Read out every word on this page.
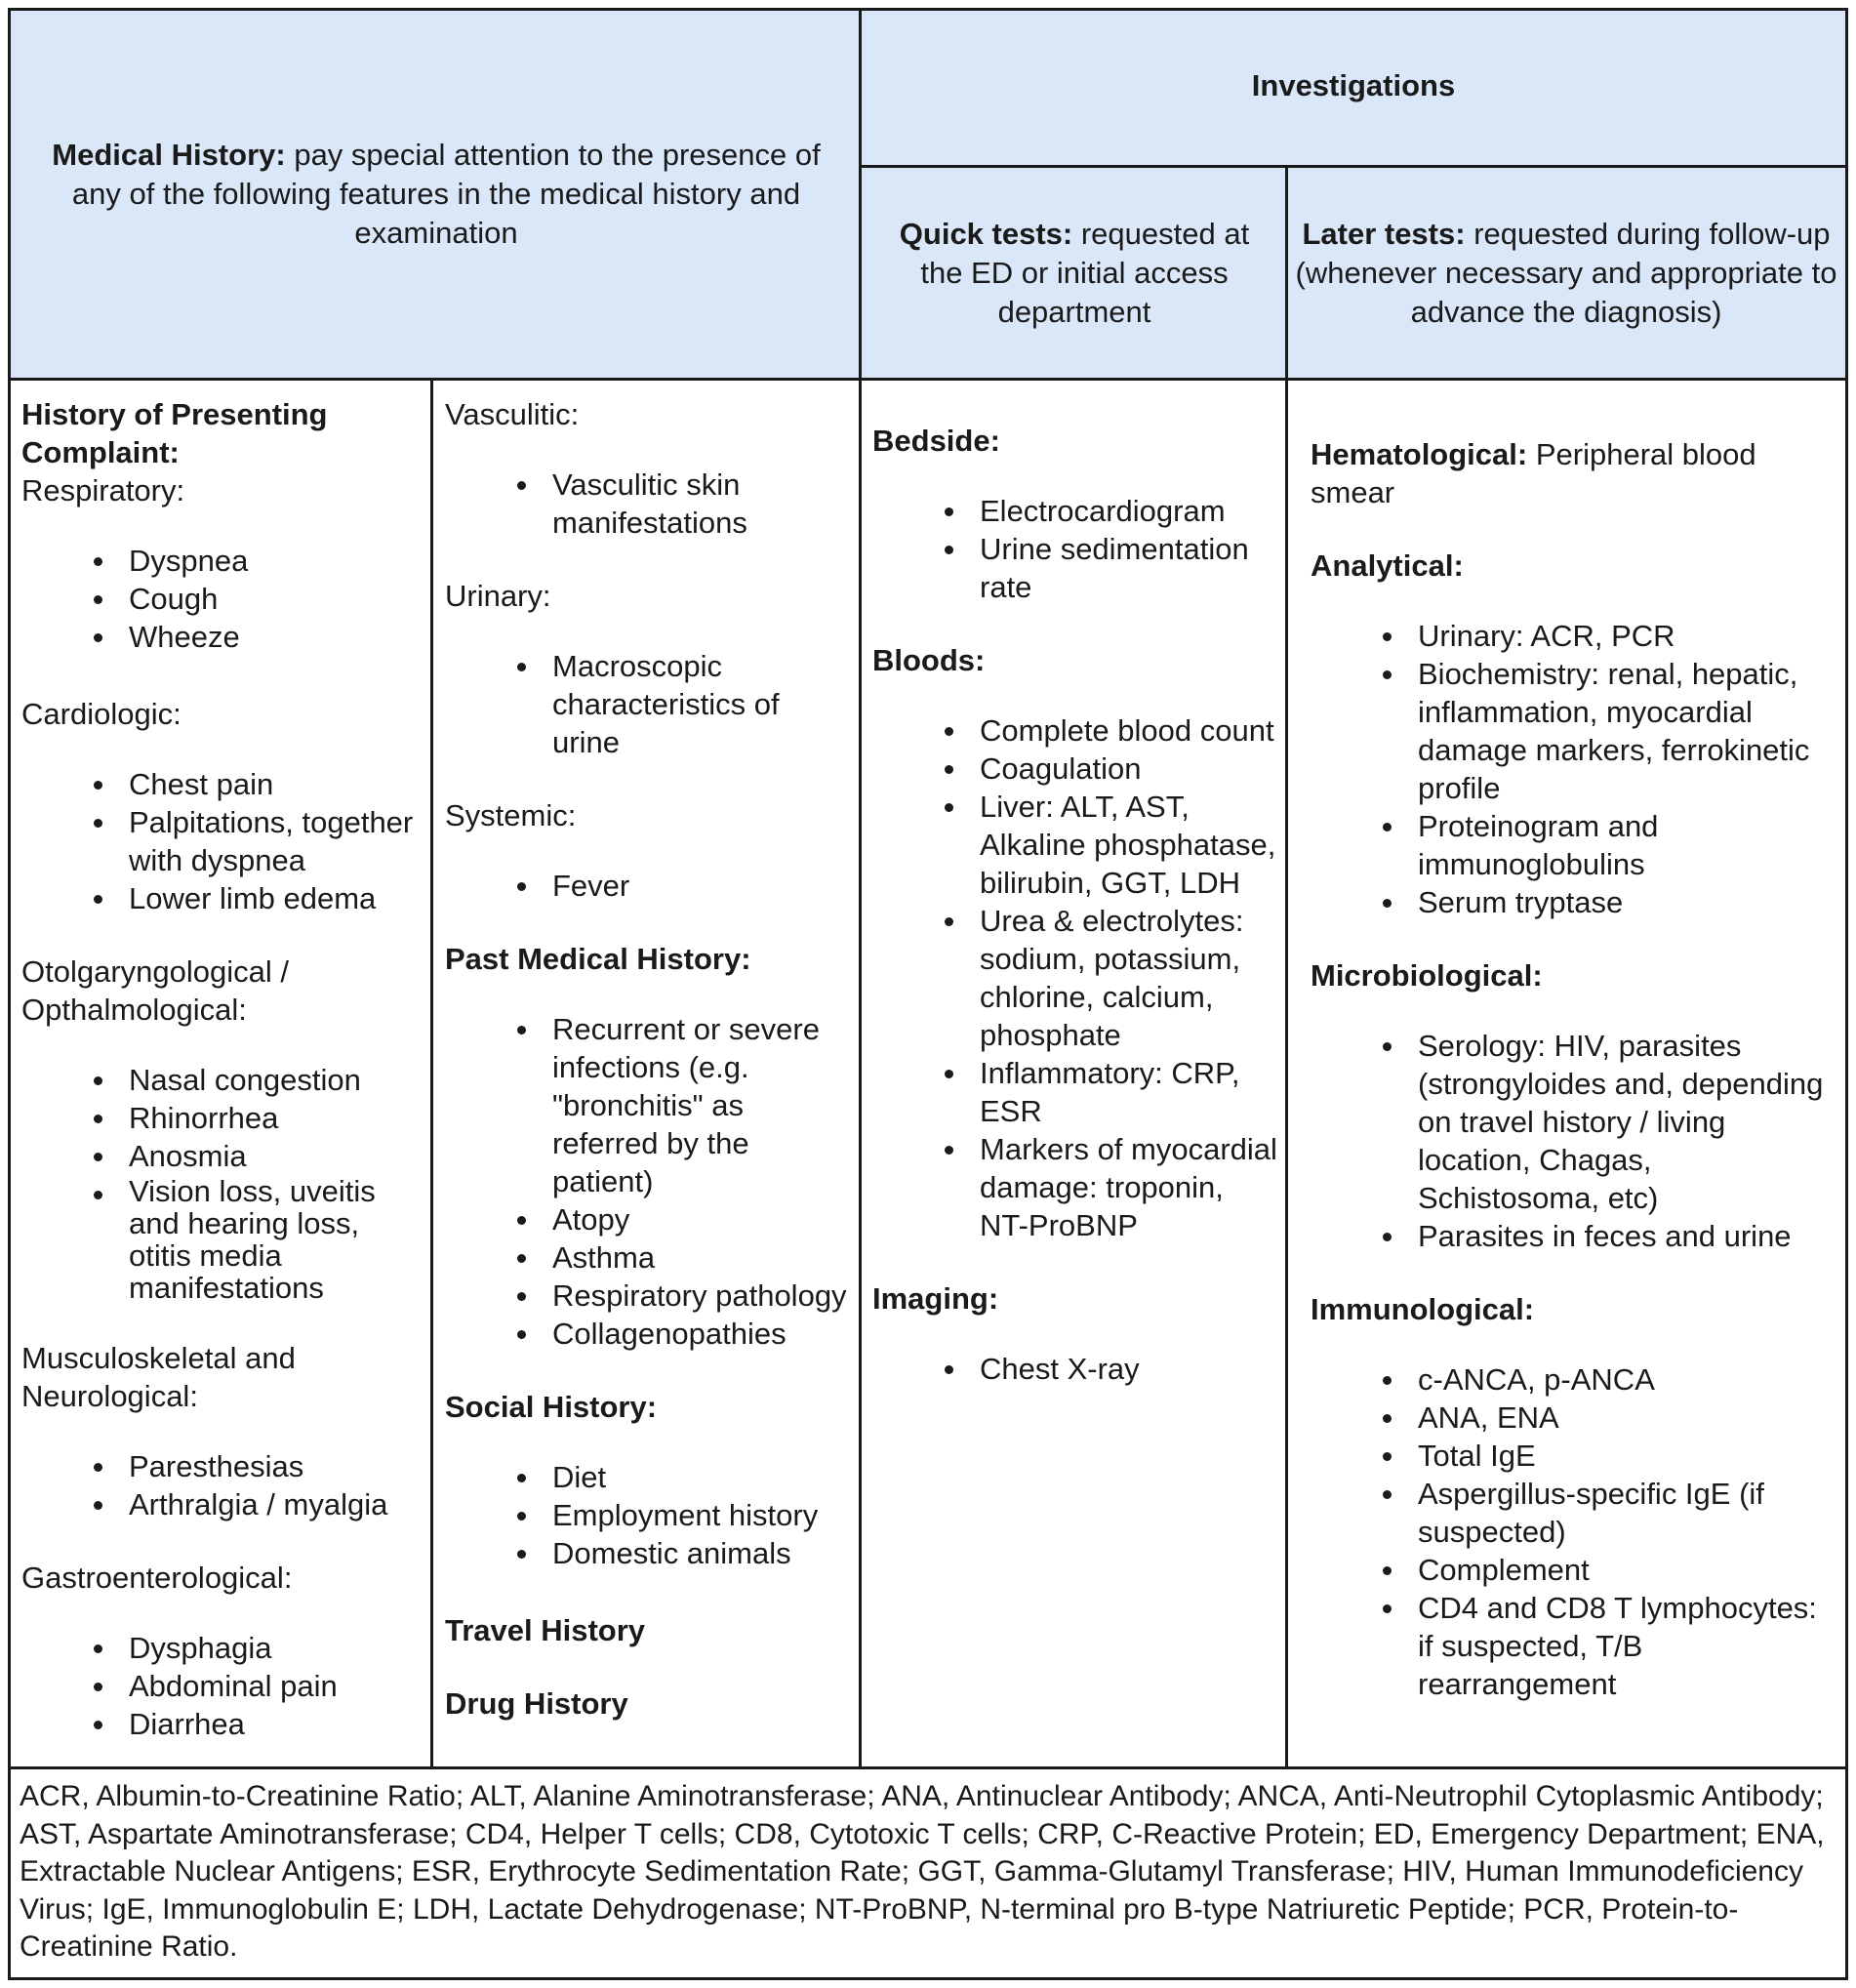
Medical History: pay special attention to the presence of any of the following features in the medical history and examination
Investigations
Quick tests: requested at the ED or initial access department
Later tests: requested during follow-up (whenever necessary and appropriate to advance the diagnosis)

History of Presenting Complaint:

Respiratory:

Dyspnea
Cough
Wheeze

Cardiologic:

Chest pain
Palpitations, together with dyspnea
Lower limb edema

Otolgaryngological / Opthalmological:

Nasal congestion
Rhinorrhea
Anosmia
Vision loss, uveitis and hearing loss, otitis media manifestations

Musculoskeletal and Neurological:

Paresthesias
Arthralgia / myalgia

Gastroenterological:

Dysphagia
Abdominal pain
Diarrhea

Vasculitic:

Vasculitic skin manifestations

Urinary:

Macroscopic characteristics of urine

Systemic:

Fever

Past Medical History:

Recurrent or severe infections (e.g. "bronchitis" as referred by the patient)
Atopy
Asthma
Respiratory pathology
Collagenopathies

Social History:

Diet
Employment history
Domestic animals

Travel History

Drug History

Bedside:

Electrocardiogram
Urine sedimentation rate

Bloods:

Complete blood count
Coagulation
Liver: ALT, AST, Alkaline phosphatase, bilirubin, GGT, LDH
Urea & electrolytes: sodium, potassium, chlorine, calcium, phosphate
Inflammatory: CRP, ESR
Markers of myocardial damage: troponin, NT-ProBNP

Imaging:

Chest X-ray

Hematological: Peripheral blood smear

Analytical:

Urinary: ACR, PCR
Biochemistry: renal, hepatic, inflammation, myocardial damage markers, ferrokinetic profile
Proteinogram and immunoglobulins
Serum tryptase

Microbiological:

Serology: HIV, parasites (strongyloides and, depending on travel history / living location, Chagas, Schistosoma, etc)
Parasites in feces and urine

Immunological:

c-ANCA, p-ANCA
ANA, ENA
Total IgE
Aspergillus-specific IgE (if suspected)
Complement
CD4 and CD8 T lymphocytes: if suspected, T/B rearrangement
ACR, Albumin-to-Creatinine Ratio; ALT, Alanine Aminotransferase; ANA, Antinuclear Antibody; ANCA, Anti-Neutrophil Cytoplasmic Antibody; AST, Aspartate Aminotransferase; CD4, Helper T cells; CD8, Cytotoxic T cells; CRP, C-Reactive Protein; ED, Emergency Department; ENA, Extractable Nuclear Antigens; ESR, Erythrocyte Sedimentation Rate; GGT, Gamma-Glutamyl Transferase; HIV, Human Immunodeficiency Virus; IgE, Immunoglobulin E; LDH, Lactate Dehydrogenase; NT-ProBNP, N-terminal pro B-type Natriuretic Peptide; PCR, Protein-to-Creatinine Ratio.
